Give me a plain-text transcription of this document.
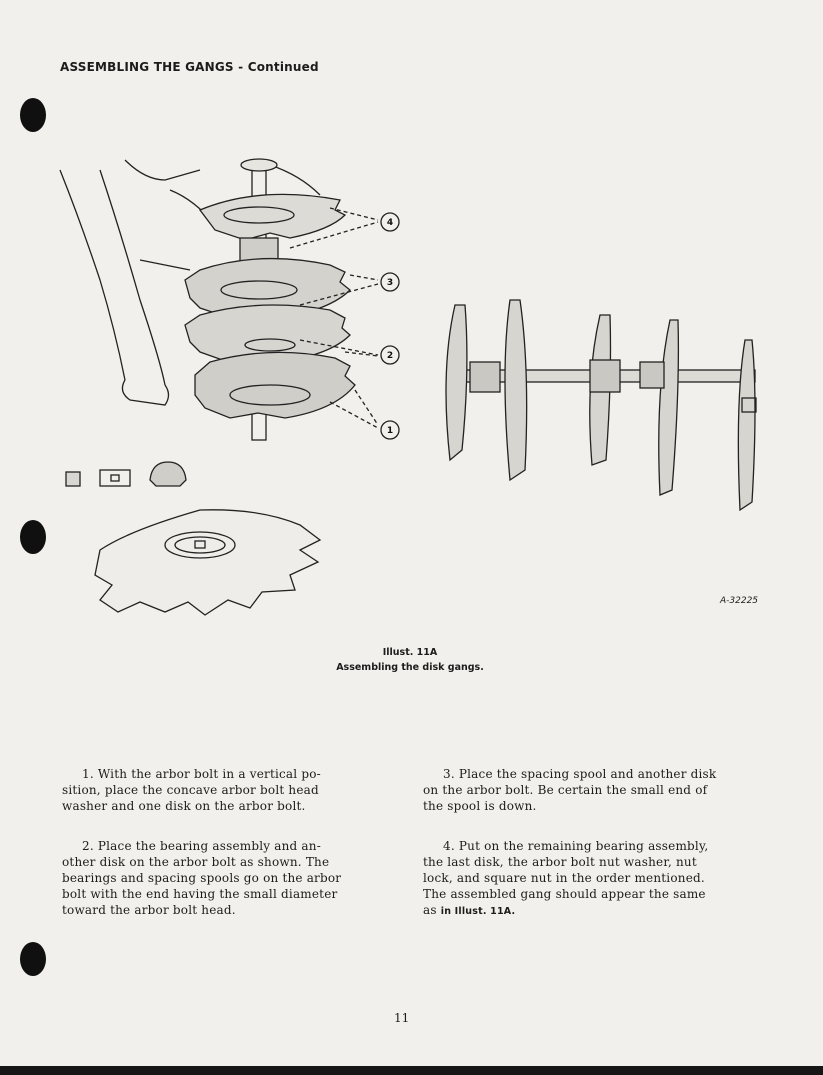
ASSEMBLING THE GANGS - Continued
4
3
2
1
A-32225
Illust. 11A
Assembling the disk gangs.
1. With the arbor bolt in a vertical po-
sition, place the concave arbor bolt head
washer and one disk on the arbor bolt.
2. Place the bearing assembly and an-
other disk on the arbor bolt as shown. The
bearings and spacing spools go on the arbor
bolt with the end having the small diameter
toward the arbor bolt head.
3. Place the spacing spool and another disk
on the arbor bolt. Be certain the small end of
the spool is down.
4. Put on the remaining bearing assembly,
the last disk, the arbor bolt nut washer, nut
lock, and square nut in the order mentioned.
The assembled gang should appear the same
as in Illust. 11A.
11
